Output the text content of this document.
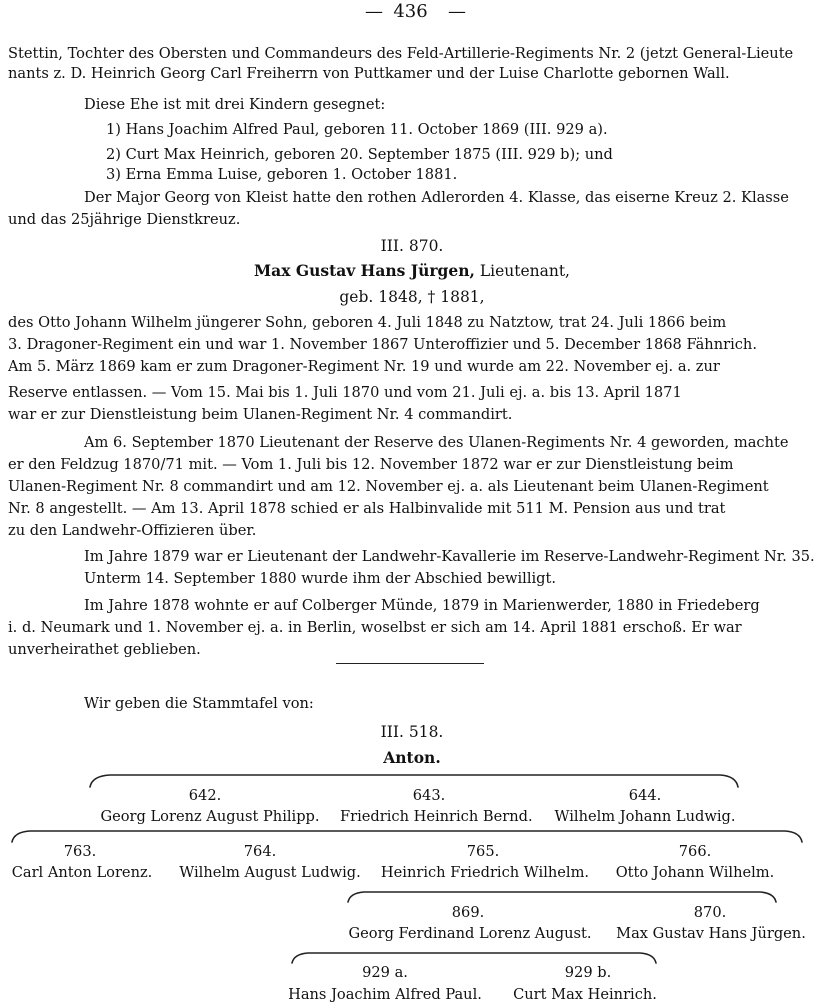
— 436 —
Stettin, Tochter des Obersten und Commandeurs des Feld-Artillerie-Regiments Nr. 2 (jetzt General-Lieute
nants z. D. Heinrich Georg Carl Freiherrn von Puttkamer und der Luise Charlotte gebornen Wall.
Diese Ehe ist mit drei Kindern gesegnet:
1) Hans Joachim Alfred Paul, geboren 11. October 1869 (III. 929 a).
2) Curt Max Heinrich, geboren 20. September 1875 (III. 929 b); und
3) Erna Emma Luise, geboren 1. October 1881.
Der Major Georg von Kleist hatte den rothen Adlerorden 4. Klasse, das eiserne Kreuz 2. Klasse
und das 25jährige Dienstkreuz.
III. 870.
Max Gustav Hans Jürgen, Lieutenant,
geb. 1848, † 1881,
des Otto Johann Wilhelm jüngerer Sohn, geboren 4. Juli 1848 zu Natztow, trat 24. Juli 1866 beim
3. Dragoner-Regiment ein und war 1. November 1867 Unteroffizier und 5. December 1868 Fähnrich.
Am 5. März 1869 kam er zum Dragoner-Regiment Nr. 19 und wurde am 22. November ej. a. zur
Reserve entlassen. — Vom 15. Mai bis 1. Juli 1870 und vom 21. Juli ej. a. bis 13. April 1871
war er zur Dienstleistung beim Ulanen-Regiment Nr. 4 commandirt.
Am 6. September 1870 Lieutenant der Reserve des Ulanen-Regiments Nr. 4 geworden, machte
er den Feldzug 1870/71 mit. — Vom 1. Juli bis 12. November 1872 war er zur Dienstleistung beim
Ulanen-Regiment Nr. 8 commandirt und am 12. November ej. a. als Lieutenant beim Ulanen-Regiment
Nr. 8 angestellt. — Am 13. April 1878 schied er als Halbinvalide mit 511 M. Pension aus und trat
zu den Landwehr-Offizieren über.
Im Jahre 1879 war er Lieutenant der Landwehr-Kavallerie im Reserve-Landwehr-Regiment Nr. 35.
Unterm 14. September 1880 wurde ihm der Abschied bewilligt.
Im Jahre 1878 wohnte er auf Colberger Münde, 1879 in Marienwerder, 1880 in Friedeberg
i. d. Neumark und 1. November ej. a. in Berlin, woselbst er sich am 14. April 1881 erschoß. Er war
unverheirathet geblieben.
Wir geben die Stammtafel von:
III. 518.
Anton.
642.
Georg Lorenz August Philipp.
643.
Friedrich Heinrich Bernd.
644.
Wilhelm Johann Ludwig.
763.
Carl Anton Lorenz.
764.
Wilhelm August Ludwig.
765.
Heinrich Friedrich Wilhelm.
766.
Otto Johann Wilhelm.
869.
Georg Ferdinand Lorenz August.
870.
Max Gustav Hans Jürgen.
929 a.
Hans Joachim Alfred Paul.
929 b.
Curt Max Heinrich.
